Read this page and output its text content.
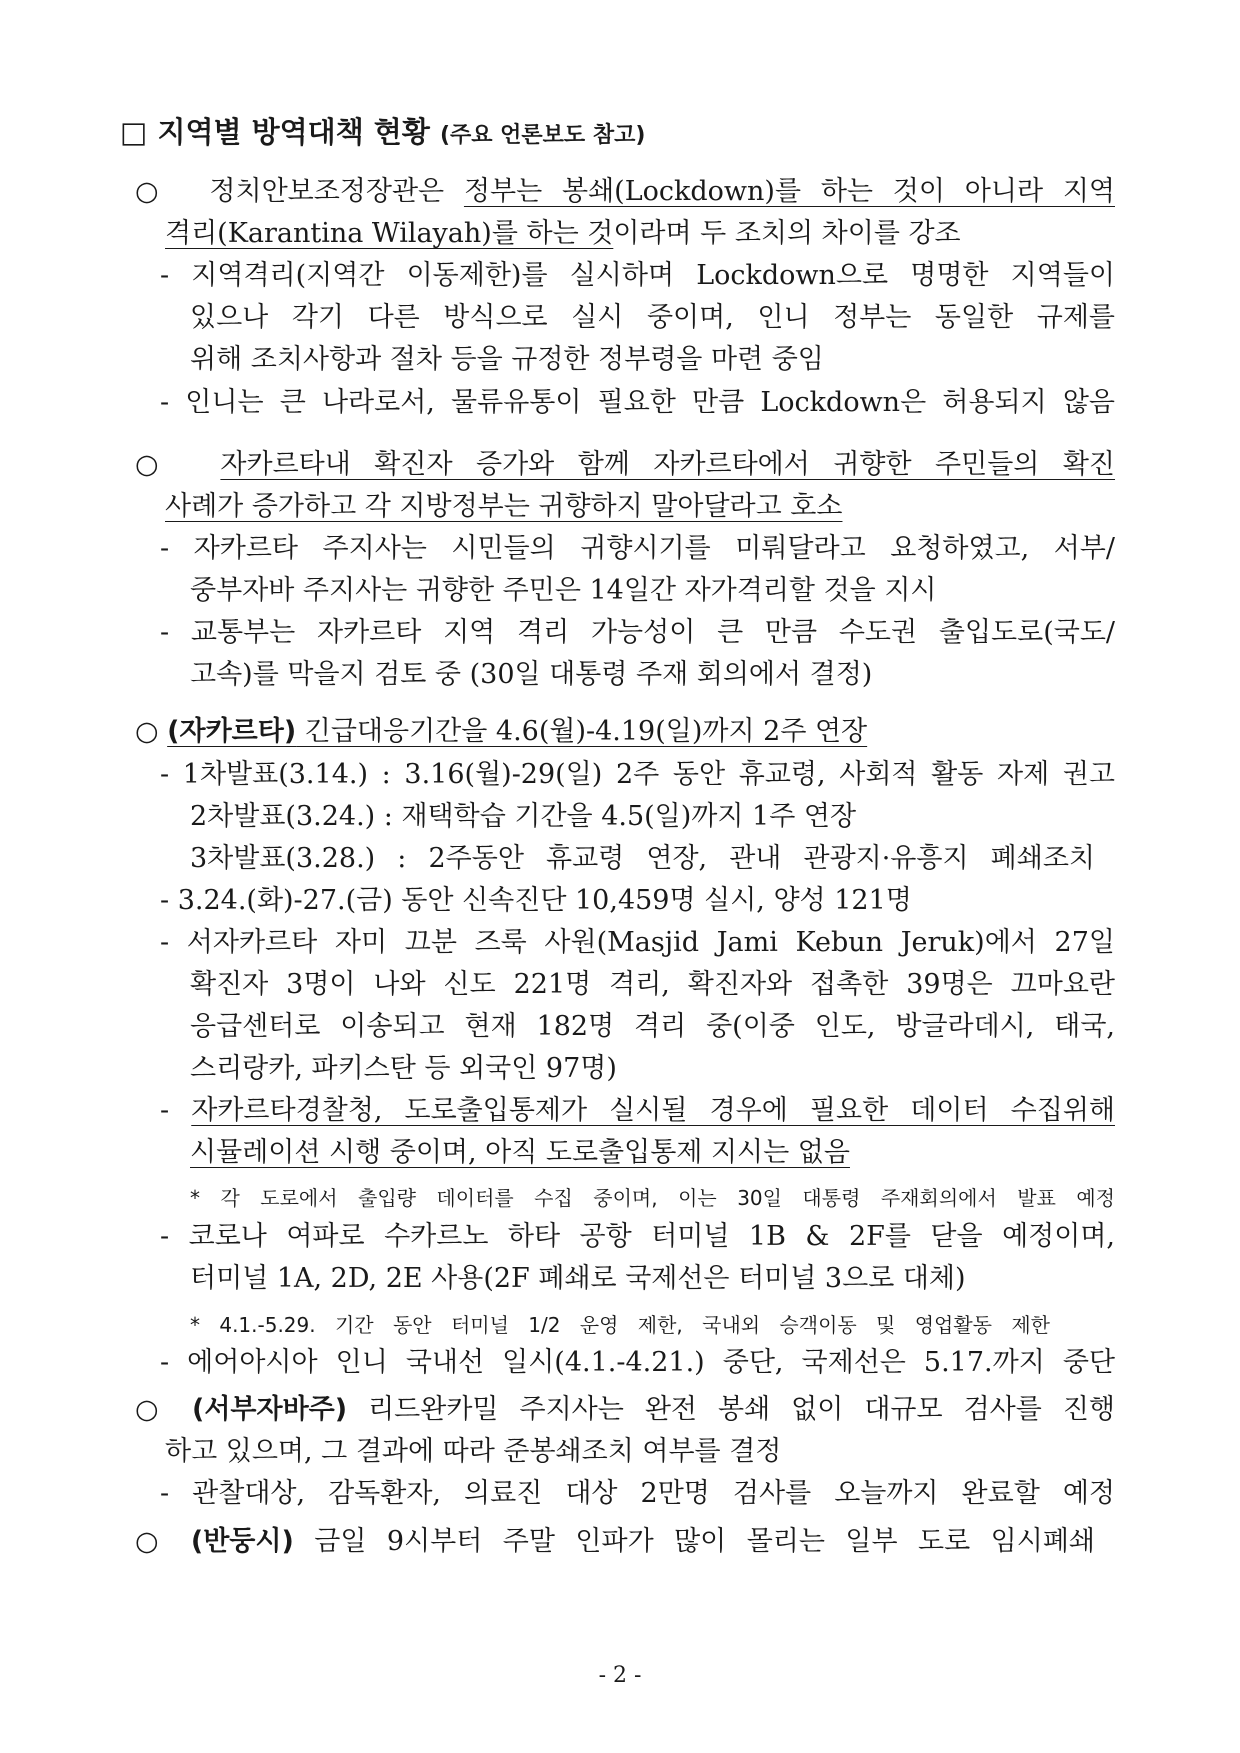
□ 지역별 방역대책 현황 (주요 언론보도 참고)
○  정치안보조정장관은 정부는 봉쇄(Lockdown)를 하는 것이 아니라 지역
격리(Karantina Wilayah)를 하는 것이라며 두 조치의 차이를 강조
- 지역격리(지역간 이동제한)를 실시하며 Lockdown으로 명명한 지역들이
있으나 각기 다른 방식으로 실시 중이며, 인니 정부는 동일한 규제를
위해 조치사항과 절차 등을 규정한 정부령을 마련 중임
- 인니는 큰 나라로서, 물류유통이 필요한 만큼 Lockdown은 허용되지 않음
○  자카르타내 확진자 증가와 함께 자카르타에서 귀향한 주민들의 확진
사례가 증가하고 각 지방정부는 귀향하지 말아달라고 호소
- 자카르타 주지사는 시민들의 귀향시기를 미뤄달라고 요청하였고, 서부/
중부자바 주지사는 귀향한 주민은 14일간 자가격리할 것을 지시
- 교통부는 자카르타 지역 격리 가능성이 큰 만큼 수도권 출입도로(국도/
고속)를 막을지 검토 중 (30일 대통령 주재 회의에서 결정)
○ (자카르타) 긴급대응기간을 4.6(월)-4.19(일)까지 2주 연장
- 1차발표(3.14.) : 3.16(월)-29(일) 2주 동안 휴교령, 사회적 활동 자제 권고
2차발표(3.24.) : 재택학습 기간을 4.5(일)까지 1주 연장
3차발표(3.28.) : 2주동안 휴교령 연장, 관내 관광지·유흥지 폐쇄조치
- 3.24.(화)-27.(금) 동안 신속진단 10,459명 실시, 양성 121명
- 서자카르타 자미 끄분 즈룩 사원(Masjid Jami Kebun Jeruk)에서 27일
확진자 3명이 나와 신도 221명 격리, 확진자와 접촉한 39명은 끄마요란
응급센터로 이송되고 현재 182명 격리 중(이중 인도, 방글라데시, 태국,
스리랑카, 파키스탄 등 외국인 97명)
- 자카르타경찰청, 도로출입통제가 실시될 경우에 필요한 데이터 수집위해
시뮬레이션 시행 중이며, 아직 도로출입통제 지시는 없음
* 각 도로에서 출입량 데이터를 수집 중이며, 이는 30일 대통령 주재회의에서 발표 예정
- 코로나 여파로 수카르노 하타 공항 터미널 1B & 2F를 닫을 예정이며,
터미널 1A, 2D, 2E 사용(2F 폐쇄로 국제선은 터미널 3으로 대체)
* 4.1.-5.29. 기간 동안 터미널 1/2 운영 제한, 국내외 승객이동 및 영업활동 제한
- 에어아시아 인니 국내선 일시(4.1.-4.21.) 중단, 국제선은 5.17.까지 중단
○ (서부자바주) 리드완카밀 주지사는 완전 봉쇄 없이 대규모 검사를 진행
하고 있으며, 그 결과에 따라 준봉쇄조치 여부를 결정
- 관찰대상, 감독환자, 의료진 대상 2만명 검사를 오늘까지 완료할 예정
○ (반둥시) 금일 9시부터 주말 인파가 많이 몰리는 일부 도로 임시폐쇄
- 2 -
